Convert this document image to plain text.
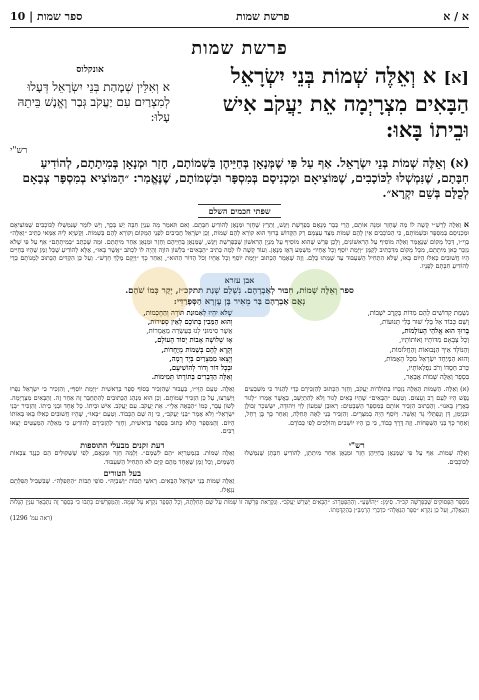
א / א
פרשת שמות
10 | ספר שמות
פרשת שמות
[א] א וְאֵלֶּה שְׁמוֹת בְּנֵי יִשְׂרָאֵל הַבָּאִים מִצְרָיְמָה אֵת יַעֲקֹב אִישׁ וּבֵיתוֹ בָּאוּ:
אונקלוס
א וְאִלֵּין שְׁמָהַת בְּנֵי יִשְׂרָאֵל דְּעָלוּ לְמִצְרַיִם עִם יַעֲקֹב גְּבַר וֶאֱנָשׁ בֵּיתֵהּ עָלוּ:
רש"י
(א) וְאֵלֶּה שְׁמוֹת בְּנֵי יִשְׂרָאֵל. אַף עַל פִּי שֶׁמְּנָאָן בְּחַיֵּיהֶן בִּשְׁמוֹתָם, חָזַר וּמְנָאָן בְּמִיתָתָם, לְהוֹדִיעַ חִבָּתָם, שֶׁנִּמְשְׁלוּ לַכּוֹכָבִים, שֶׁמּוֹצִיאָם וּמַכְנִיסָם בְּמִסְפָּר וּבִשְׁמוֹתָם, שֶׁנֶּאֱמַר: ״הַמּוֹצִיא בְמִסְפָּר צְבָאָם לְכֻלָּם בְּשֵׁם יִקְרָא״.
שפתי חכמים השלם
א וְאֵלֶּה לְרַשִׁ״י קָשֶׁה לוֹ מַה שֶּׁחָזַר וּמָנָה אוֹתָם, הֲרֵי כְּבָר מְנָאָם בְּפָרָשַׁת וַיִּגַּשׁ, וְתֵרֵץ שֶׁחָזַר וּמְנָאָן לְהוֹדִיעַ חִבָּתָם. וְאִם תֹּאמַר מָה עִנְיַן חִבָּה יֵשׁ בְּכָךְ, וְיֵשׁ לוֹמַר שֶׁנִּמְשְׁלוּ לַכּוֹכָבִים שֶׁמּוֹצִיאָם וּמַכְנִיסָם בְּמִסְפָּר וּבִשְׁמוֹתָם, כִּי הַכּוֹכָבִים אֵין לָהֶם שְׁמוֹת מִצַּד עַצְמָם רַק הַקָּדוֹשׁ בָּרוּךְ הוּא קוֹרֵא לָהֶם שֵׁמוֹת, וְכֵן יִשְׂרָאֵל חֲבִיבִים לִפְנֵי הַמָּקוֹם וְקוֹרֵא לָהֶם בְּשֵׁמוֹת. וְקַשְׁיָא לֵיהּ אַמַּאי כְּתִיב ״וְאֵלֶּה״ בְּוָי״ו, דְּכָל מָקוֹם שֶׁנֶּאֱמַר וְאֵלֶּה מוֹסִיף עַל הָרִאשׁוֹנִים, וְלָכֵן פֵּרֵשׁ שֶׁהוּא מוֹסִיף עַל מִנְיָן הָרִאשׁוֹן שֶׁבְּפָרָשַׁת וַיִּגַּשׁ, שֶׁמְּנָאָן בְּחַיֵּיהֶם וְחָזַר וּמְנָאָן אַחַר מִיתָתָם. וּמַה שֶּׁכָּתַב ״בְּמִיתָתָם״ אַף עַל פִּי שֶׁלֹּא נִזְכַּר כָּאן מִיתָתָם, מִכָּל מָקוֹם מִדִּכְתִיב לְקַמָּן ״וַיָּמָת יוֹסֵף וְכָל אֶחָיו״ מַשְׁמַע דְּאָז מְנָאָן. וְעוֹד קָשֶׁה לוֹ לְמָה כְּתִיב ״הַבָּאִים״ בִּלְשׁוֹן הוֹוֶה וְהָיָה לוֹ לִכְתֹּב ״אֲשֶׁר בָּאוּ״, אֶלָּא לְהוֹדִיעַ שֶׁכָּל זְמַן שֶׁהָיוּ בְּחַיִּים הָיוּ חֲשׁוּבִים כְּאִלּוּ הַיּוֹם בָּאוּ, שֶׁלֹּא הִתְחִיל הַשִּׁעְבּוּד עַד שֶׁמֵּתוּ כֻּלָּם. וְזֶה שֶׁאָמַר הַכָּתוּב ״וַיָּמָת יוֹסֵף וְכָל אֶחָיו וְכֹל הַדּוֹר הַהוּא״, וְאַחַר כָּךְ ״וַיָּקָם מֶלֶךְ חָדָשׁ״. וְעַל כֵּן הִקְדִּים הַכָּתוּב לְמָנוֹתָם כְּדֵי לְהוֹדִיעַ חִבָּתָם לְפָנָיו.
אבן עזרא
ספר וְאֵלֶּה שְׁמוֹת, חִבּוּר לְאַבְרָהָם. נִשְׁלַם שְׁנַת תתקכ״ז, יְקַר כְּמוֹ שֹׁהַם.
נְאֻם אַבְרָהָם בַּר מֵאִיר בֶּן עֶזְרָא הַסְּפָרַדִּי:
נִשְׁמַת קְדוֹשִׁים לְהַם מִדּוֹת בְּקֶרֶב יֹשְׁבוֹת,
שֶׁלֹּא יִהְיוּ לְאֵמוּנַת תּוֹרָה וְהַחָכְמוֹת,
וְשֵׁם כָּבוֹד אֵל בְּלִי שׁוּר בְּלִי תְּנוּעוֹת,
וְהוּא הַמֵּבִין בְּתוֹכָם לְאֵין סְפִירוֹת,
בָּרוּךְ הוּא אֱלֹהֵי הָעוֹלָמוֹת,
אֲשֶׁר סִימוּנִי לָנוּ בְּעַשְׂרֵה מַאֲמָרוֹת,
וְכָל צְבָאָם מִדּוֹתָיו וְאוֹתוֹתָיו,
אָז שְׁלוֹשָׁה אָבוֹת יְסוֹד הָעוֹלָם,
וְהַנּוֹלָד אֵיךְ הַנְּבוּאוֹת וְהַחֲלוֹמוֹת,
וְקָרָא לָהֶם בְּשֵׁמוֹת מְיֻחָדוֹת,
וְהוּא הַמְּיַחֵד יִשְׂרָאֵל מִכָּל הָאֻמּוֹת,
וְיָצְאוּ מִמִּצְרַיִם בְּיָד רָמָה,
כְּרֹב חַסְדּוֹ וְרֹב נִפְלְאוֹתָיו,
וּבְכָל דּוֹר וָדוֹר לְהוֹשִׁיעָם,
בִּסְפָר וְאֵלֶּה שְׁמוֹת אֲבָאֵר,
וְאֵלֶּה הַדְּבָרִים בְּתוֹרָתוֹ תְּמִימוֹת.
(א) וְאֵלֶּה. הַשָּׁמוֹת הָאֵלֶּה נִזְכָּרוּ בְּתוֹלְדוֹת יַעֲקֹב, וְחָזַר הַכָּתוּב לְהַזְכִּירָם כְּדֵי לְהַגִּיד כִּי מִשִּׁבְעִים נֶפֶשׁ הָיוּ לְעַם רָב וְעָצוּם. וְטַעַם ״הַבָּאִים״ שֶׁהָיוּ בָּאִים לָגוּר וְלֹא לְהִתְיַשֵּׁב, כַּאֲשֶׁר אָמְרוּ ״לָגוּר בָּאָרֶץ בָּאנוּ״. וְהַכָּתוּב הִזְכִּיר אוֹתָם בְּמִסְפַּר הַשְּׁבָטִים: רְאוּבֵן שִׁמְעוֹן לֵוִי וִיהוּדָה, יִשָּׂשכָר זְבוּלֻן וּבִנְיָמִן, דָּן וְנַפְתָּלִי גָּד וְאָשֵׁר. וְיוֹסֵף הָיָה בְמִצְרָיִם. וְהִזְכִּיר בְּנֵי לֵאָה תְּחִלָּה, וְאַחַר כָּךְ בֶּן רָחֵל, וְאַחַר כָּךְ בְּנֵי הַשְּׁפָחוֹת. וְזֶה דֶּרֶךְ כָּבוֹד, כִּי כֵן הָיוּ יוֹשְׁבִים וְהוֹלְכִים לְפִי כְּבוֹדָם.
וְאֵלֶּה. טַעַם הַוָּי״ו, בַּעֲבוּר שֶׁהִזְכִּיר בְּסוֹף סֵפֶר בְּרֵאשִׁית ״וַיָּמָת יוֹסֵף״, וְהִזְכִּיר כִּי יִשְׂרָאֵל נִפְרוּ וַיִּשְׁרְצוּ, עַל כֵּן הִזְכִּיר שְׁמוֹתָם. וְכֵן הוּא מִנְהַג הַכְּתוּבִים לְהִתְחַבֵּר זֶה אַחַר זֶה. וְהַבָּאִים מִצְרַיְמָה. לְשׁוֹן עָבָר, כְּמוֹ ״הַבָּאָה אֵלַי״. אֵת יַעֲקֹב. עִם יַעֲקֹב. אִישׁ וּבֵיתוֹ. כָּל אֶחָד וּבְנֵי בֵיתוֹ. וְהִזְכִּיר ״בְּנֵי יִשְׂרָאֵל״ וְלֹא אָמַר ״בְּנֵי יַעֲקֹב״, כִּי זֶה שֵׁם הַכָּבוֹד. וְטַעַם ״בָּאוּ״, שֶׁהָיוּ חֲשׁוּבִים כְּאִלּוּ בָּאוּ בְּאוֹתוֹ הַיּוֹם. וְהַמִּסְפָּר הֲלֹא כָּתוּב בְּסֵפֶר בְּרֵאשִׁית, וְחָזַר לְהַזְכִּירָם לְהוֹדִיעַ כִּי מֵאֵלֶּה הַמְּעַטִּים יָצְאוּ רַבִּים.
רש"י
וְאֵלֶּה שְׁמוֹת. אַף עַל פִּי שֶׁמְּנָאָן בְּחַיֵּיהֶן חָזַר וּמְנָאָן אַחַר מִיתָתָן, לְהוֹדִיעַ חִבָּתָן שֶׁנִּמְשְׁלוּ לַכּוֹכָבִים.
דעת זקנים מבעלי התוספות
וְאֵלֶּה שְׁמוֹת. בִּגְמַטְרִיָּא ״הֵם לִשְׁמָם״. וְלָמָּה חָזַר וּמְנָאָם, לְפִי שֶׁשְּׁקוּלִים הֵם כְּנֶגֶד צִבְאוֹת הַשָּׁמַיִם, וְכָל זְמַן שֶׁאֶחָד מֵהֶם קַיָּם לֹא הִתְחִיל הַשִּׁעְבּוּד.
בעל הטורים
וְאֵלֶּה שְׁמוֹת בְּנֵי יִשְׂרָאֵל הַבָּאִים. רָאשֵׁי תֵבוֹת ״וְשִׁבְיָהּ״. סוֹפֵי תֵבוֹת ״הַתְּפִלָּה״. שֶׁבִּשְׁבִיל תְּפִלָּתָם נִגְאֲלוּ.
מִסְפַּר הַפְּסוּקִים שֶׁבַּפָּרָשָׁה קכ״ד. סִימָן: ״יְהוֹשֻׁעַ״. וְהַהַפְטָרָה: ״הַבָּאִים יַשְׁרֵשׁ יַעֲקֹב״. וְנִקְרֵאת פָּרָשָׁה זוֹ שְׁמוֹת עַל שֵׁם תְּחִלָּתָהּ, וְכָל הַסֵּפֶר נִקְרָא עַל שְׁמָהּ. וְהַמְּפָרְשִׁים כָּתְבוּ כִּי בְּסֵפֶר זֶה נִתְבָּאֵר עִנְיַן הַגָּלוּת וְהַגְּאֻלָּה, וְעַל כֵּן נִקְרָא ״סֵפֶר הַגְּאֻלָּה״ כִּדְבְרֵי הָרַמְבַּ״ן בְּהַקְדָּמָתוֹ.
(ראה עמ' 1296)
